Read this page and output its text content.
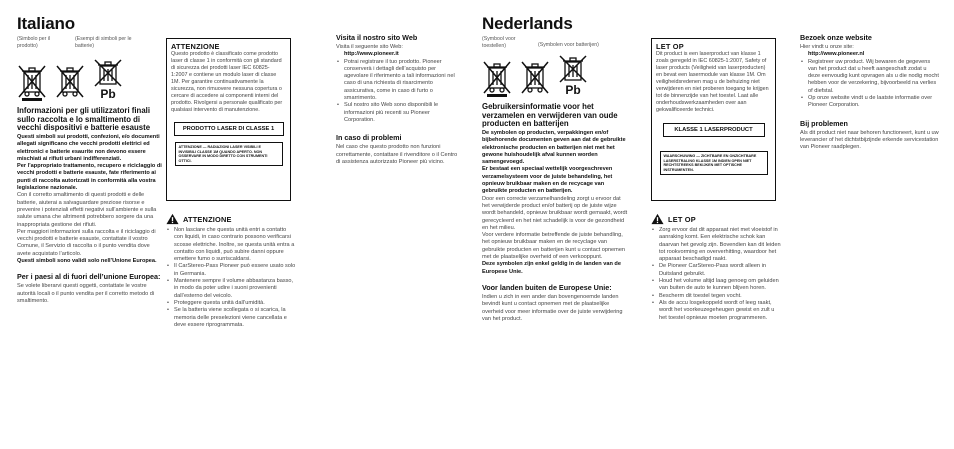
Italiano
(Simbolo per il prodotto)
(Esempi di simboli per le batterie)
Pb

Informazioni per gli utilizzatori finali sullo raccolta e lo smaltimento di vecchi dispositivi e batterie esauste

Questi simboli sui prodotti, confezioni, e/o documenti allegati significano che vecchi prodotti elettrici ed elettronici e batterie esaurite non devono essere mischiati ai rifiuti urbani indifferenziati.

Per l’appropriato trattamento, recupero e riciclaggio di vecchi prodotti e batterie esauste, fate riferimento ai punti di raccolta autorizzati in conformità alla vostra legislazione nazionale.

Con il corretto smaltimento di questi prodotti e delle batterie, aiuterai a salvaguardare preziose risorse e prevenire i potenziali effetti negativi sull’ambiente e sulla salute umana che altrimenti potrebbero sorgere da una inappropriata gestione dei rifiuti.

Per maggiori informazioni sulla raccolta e il riciclaggio di vecchi prodotti e batterie esauste, contattate il vostro Comune, il Servizio di raccolta o il punto vendita dove avete acquistato l’articolo.

Questi simboli sono validi solo nell’Unione Europea.

Per i paesi al di fuori dell’unione Europea:

Se volete liberarvi questi oggetti, contattate le vostre autorità locali o il punto vendita per il corretto metodo di smaltimento.

ATTENZIONE

Questo prodotto è classificato come prodotto laser di classe 1 in conformità con gli standard di sicurezza dei prodotti laser IEC 60825-1:2007 e contiene un modulo laser di classe 1M. Per garantire continuativamente la sicurezza, non rimuovere nessuna copertura o cercare di accedere ai componenti interni del prodotto. Rivolgersi a personale qualificato per qualsiasi intervento di manutenzione.

PRODOTTO LASER DI CLASSE 1
ATTENZIONE — RADIAZIONI LASER VISIBILI E INVISIBILI CLASSE 1M QUANDO APERTO. NON OSSERVARE IN MODO DIRETTO CON STRUMENTI OTTICI.
ATTENZIONE
• Non lasciare che questa unità entri a contatto con liquidi, in caso contrario possono verificarsi scosse elettriche. Inoltre, se questa unità entra a contatto con liquidi, può subire danni oppure emettere fumo o surriscaldarsi.
• Il CarStereo-Pass Pioneer può essere usato solo in Germania.
• Mantenere sempre il volume abbastanza basso, in modo da poter udire i suoni provenienti dall’esterno del veicolo.
• Proteggere questa unità dall’umidità.
• Se la batteria viene scollegata o si scarica, la memoria delle preselezioni viene cancellata e deve essere riprogrammata.

Visita il nostro sito Web

Visita il seguente sito Web:

http://www.pioneer.it

• Potrai registrare il tuo prodotto. Pioneer conserverà i dettagli dell’acquisto per agevolare il riferimento a tali informazioni nel caso di una richiesta di risarcimento assicurativa, come in caso di furto o smarrimento.
• Sul nostro sito Web sono disponibili le informazioni più recenti su Pioneer Corporation.

In caso di problemi

Nel caso che questo prodotto non funzioni correttamente, contattare il rivenditore o il Centro di assistenza autorizzato Pioneer più vicino.

Nederlands
(Symbool voor toestellen)	(Symbolen voor batterijen)
Pb

Gebruikersinformatie voor het verzamelen en verwijderen van oude producten en batterijen

De symbolen op producten, verpakkingen en/of bijbehorende documenten geven aan dat de gebruikte elektronische producten en batterijen niet met het gewone huishoudelijk afval kunnen worden samengevoegd.

Er bestaat een speciaal wettelijk voorgeschreven verzamelsysteem voor de juiste behandeling, het opnieuw bruikbaar maken en de recycage van gebruikte producten en batterijen.

Door een correcte verzamelhandeling zorgt u ervoor dat het verwijderde product en/of batterij op de juiste wijze wordt behandeld, opnieuw bruikbaar wordt gemaakt, wordt gerecycleerd en het niet schadelijk is voor de gezondheid en het milieu.

Voor verdere informatie betreffende de juiste behandling, het opnieuw bruikbaar maken en de recyclage van gebruikte producten en batterijen kunt u contact opnemen met de plaatselijke overheid of een verkooppunt.

Deze symbolen zijn enkel geldig in de landen van de Europese Unie.

Voor landen buiten de Europese Unie:

Indien u zich in een ander dan bovengenoemde landen bevindt kunt u contact opnemen met de plaatselijke overheid voor meer informatie over de juiste verwijdering van het product.

LET OP

Dit product is een laserproduct van klasse 1 zoals geregeld in IEC 60825-1:2007, Safety of laser products (Veiligheid van laserproducten) en bevat een lasermodule van klasse 1M. Om veiligheidsredenen mag u de behuizing niet verwijderen en niet proberen toegang te krijgen tot de binnenzijde van het toestel. Laat alle onderhoudswerkzaamheden over aan gekwalificeerde technici.

KLASSE 1 LASERPRODUCT
WAARSCHUWING — ZICHTBARE EN ONZICHTBARE LASERSTRALING KLASSE 1M INDIEN OPEN NIET RECHTSTREEKS BEKIJKEN MET OPTISCHE INSTRUMENTEN.
LET OP
• Zorg ervoor dat dit apparaat niet met vloeistof in aanraking komt. Een elektrische schok kan daarvan het gevolg zijn. Bovendien kan dit leiden tot rookvorming en oververhitting, waardoor het apparaat beschadigd raakt.
• De Pioneer CarStereo-Pass wordt alleen in Duitsland gebruikt.
• Houd het volume altijd laag genoeg om geluiden van buiten de auto te kunnen blijven horen.
• Bescherm dit toestel tegen vocht.
• Als de accu losgekoppeld wordt of leeg raakt, wordt het voorkeuzegeheugen gewist en zult u het toestel opnieuw moeten programmeren.

Bezoek onze website

Hier vindt u onze site:

http://www.pioneer.nl

• Registreer uw product. Wij bewaren de gegevens van het product dat u heeft aangeschaft zodat u deze eenvoudig kunt opvragen als u die nodig mocht hebben voor de verzekering, bijvoorbeeld na verlies of diefstal.
• Op onze website vindt u de laatste informatie over Pioneer Corporation.

Bij problemen

Als dit product niet naar behoren functioneert, kunt u uw leverancier of het dichtstbijzijnde erkende servicestation van Pioneer raadplegen.
